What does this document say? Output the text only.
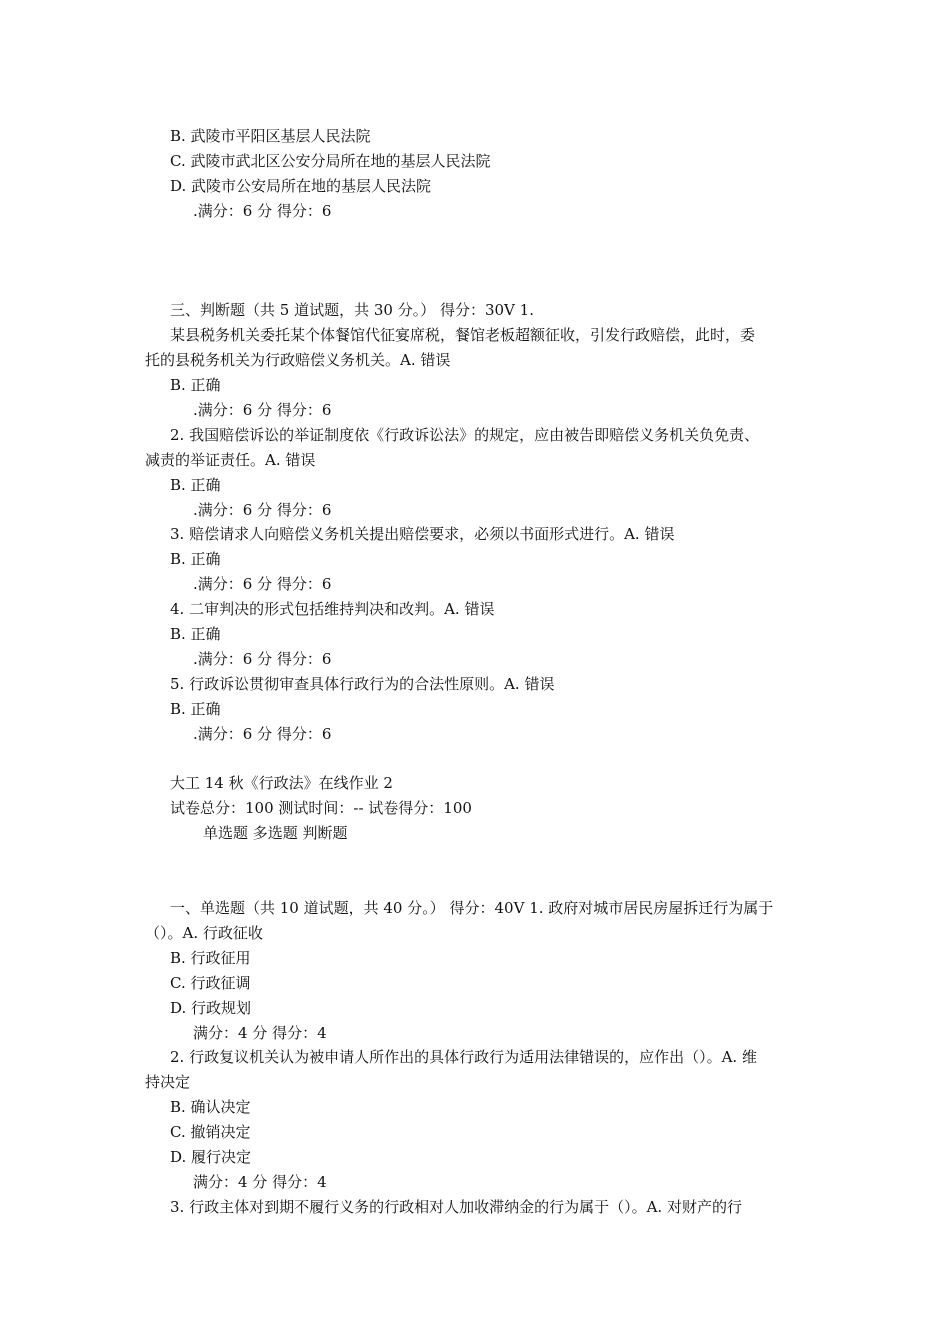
B. 武陵市平阳区基层人民法院
C. 武陵市武北区公安分局所在地的基层人民法院
D. 武陵市公安局所在地的基层人民法院
.满分：6 分 得分：6
三、判断题（共 5 道试题，共 30 分。） 得分：30V 1.
某县税务机关委托某个体餐馆代征宴席税，餐馆老板超额征收，引发行政赔偿，此时，委
托的县税务机关为行政赔偿义务机关。A. 错误
B. 正确
.满分：6 分 得分：6
2. 我国赔偿诉讼的举证制度依《行政诉讼法》的规定，应由被告即赔偿义务机关负免责、
减责的举证责任。A. 错误
B. 正确
.满分：6 分 得分：6
3. 赔偿请求人向赔偿义务机关提出赔偿要求，必须以书面形式进行。A. 错误
B. 正确
.满分：6 分 得分：6
4. 二审判决的形式包括维持判决和改判。A. 错误
B. 正确
.满分：6 分 得分：6
5. 行政诉讼贯彻审查具体行政行为的合法性原则。A. 错误
B. 正确
.满分：6 分 得分：6
大工 14 秋《行政法》在线作业 2
试卷总分：100 测试时间：-- 试卷得分：100
单选题 多选题 判断题
一、单选题（共 10 道试题，共 40 分。） 得分：40V 1. 政府对城市居民房屋拆迁行为属于
（）。A. 行政征收
B. 行政征用
C. 行政征调
D. 行政规划
满分：4 分 得分：4
2. 行政复议机关认为被申请人所作出的具体行政行为适用法律错误的，应作出（）。A. 维
持决定
B. 确认决定
C. 撤销决定
D. 履行决定
满分：4 分 得分：4
3. 行政主体对到期不履行义务的行政相对人加收滞纳金的行为属于（）。A. 对财产的行
